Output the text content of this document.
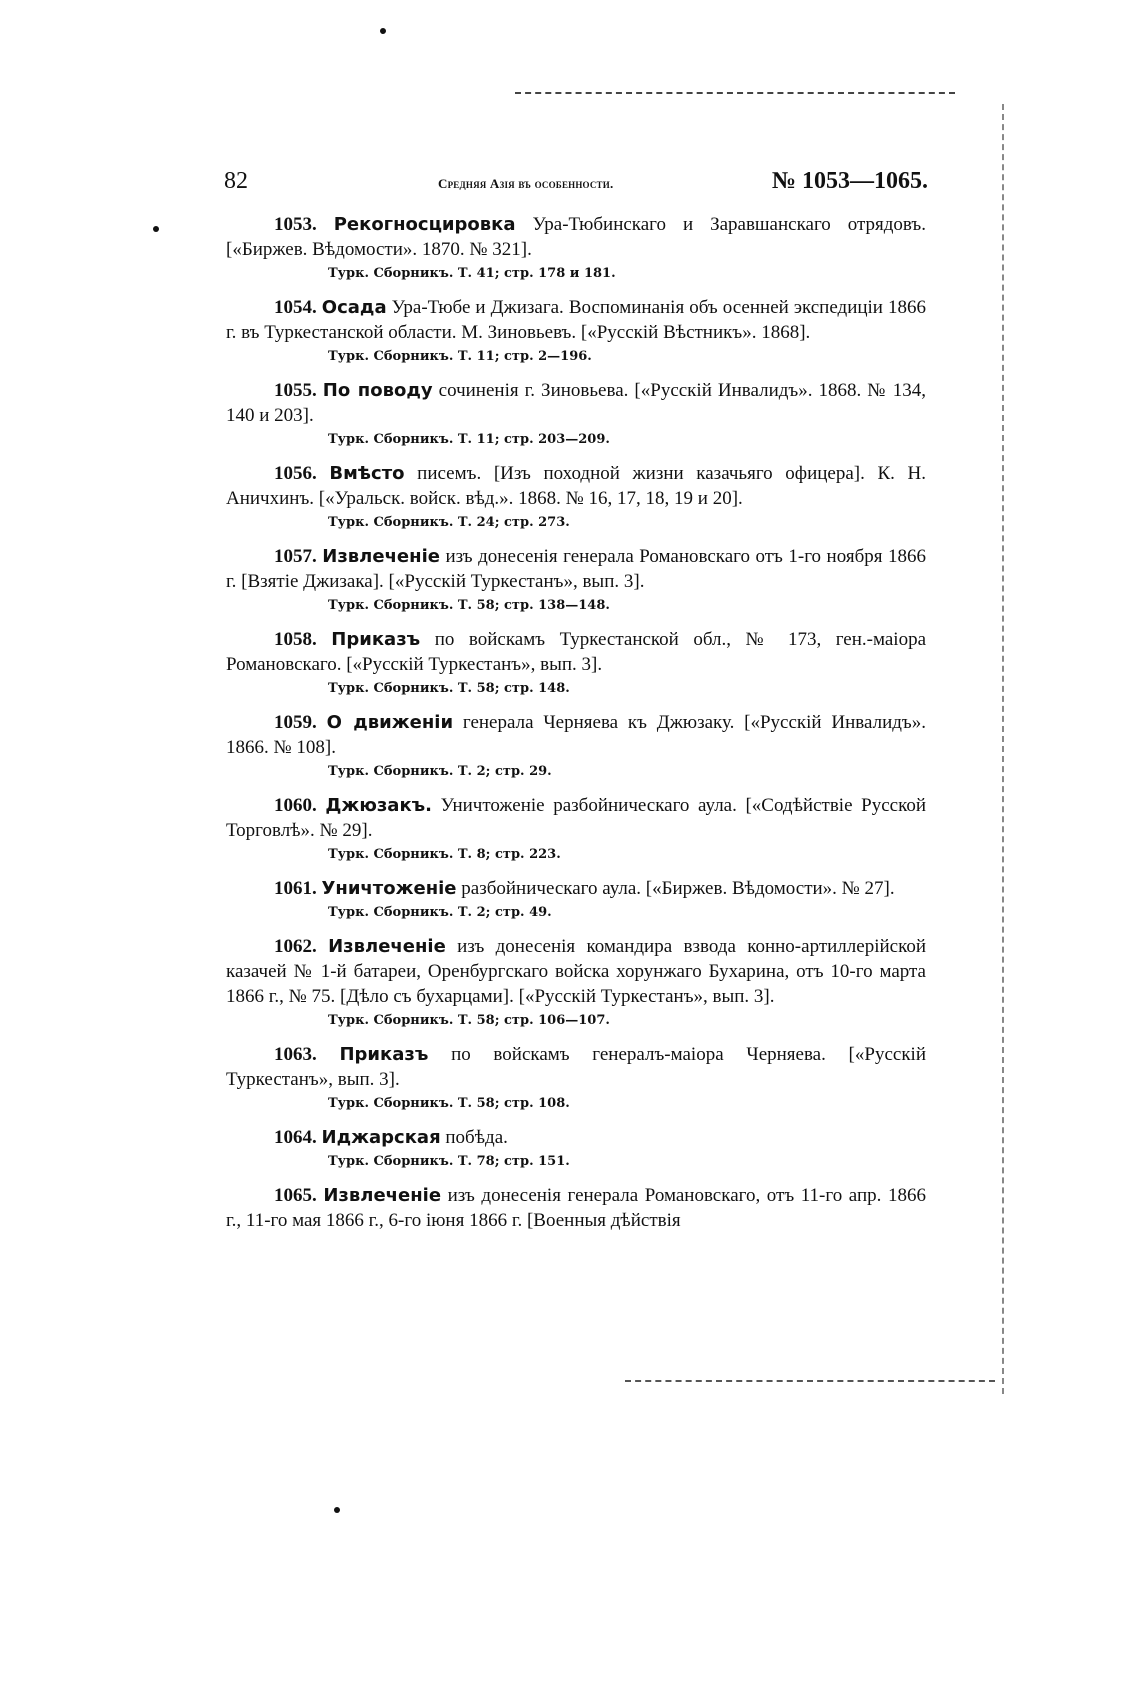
82	Средняя Азія въ особенности.	№ 1053—1065.

1053. Рекогносцировка Ура-Тюбинскаго и Заравшанскаго отрядовъ. [«Биржев. Вѣдомости». 1870. № 321].

Турк. Сборникъ. Т. 41; стр. 178 и 181.

1054. Осада Ура-Тюбе и Джизага. Воспоминанія объ осенней экспедиціи 1866 г. въ Туркестанской области. М. Зиновьевъ. [«Русскій Вѣстникъ». 1868].

Турк. Сборникъ. Т. 11; стр. 2—196.

1055. По поводу сочиненія г. Зиновьева. [«Русскій Инвалидъ». 1868. № 134, 140 и 203].

Турк. Сборникъ. Т. 11; стр. 203—209.

1056. Вмѣсто писемъ. [Изъ походной жизни казачьяго офицера]. К. Н. Аничхинъ. [«Уральск. войск. вѣд.». 1868. № 16, 17, 18, 19 и 20].

Турк. Сборникъ. Т. 24; стр. 273.

1057. Извлеченіе изъ донесенія генерала Романовскаго отъ 1-го ноября 1866 г. [Взятіе Джизака]. [«Русскій Туркестанъ», вып. 3].

Турк. Сборникъ. Т. 58; стр. 138—148.

1058. Приказъ по войскамъ Туркестанской обл., № 173, ген.-маіора Романовскаго. [«Русскій Туркестанъ», вып. 3].

Турк. Сборникъ. Т. 58; стр. 148.

1059. О движеніи генерала Черняева къ Джюзаку. [«Русскій Инвалидъ». 1866. № 108].

Турк. Сборникъ. Т. 2; стр. 29.

1060. Джюзакъ. Уничтоженіе разбойническаго аула. [«Содѣйствіе Русской Торговлѣ». № 29].

Турк. Сборникъ. Т. 8; стр. 223.

1061. Уничтоженіе разбойническаго аула. [«Биржев. Вѣдомости». № 27].

Турк. Сборникъ. Т. 2; стр. 49.

1062. Извлеченіе изъ донесенія командира взвода конно-артиллерійской казачей № 1-й батареи, Оренбургскаго войска хорунжаго Бухарина, отъ 10-го марта 1866 г., № 75. [Дѣло съ бухарцами]. [«Русскій Туркестанъ», вып. 3].

Турк. Сборникъ. Т. 58; стр. 106—107.

1063. Приказъ по войскамъ генералъ-маіора Черняева. [«Русскій Туркестанъ», вып. 3].

Турк. Сборникъ. Т. 58; стр. 108.

1064. Иджарская побѣда.

Турк. Сборникъ. Т. 78; стр. 151.

1065. Извлеченіе изъ донесенія генерала Романовскаго, отъ 11-го апр. 1866 г., 11-го мая 1866 г., 6-го іюня 1866 г. [Военныя дѣйствія
